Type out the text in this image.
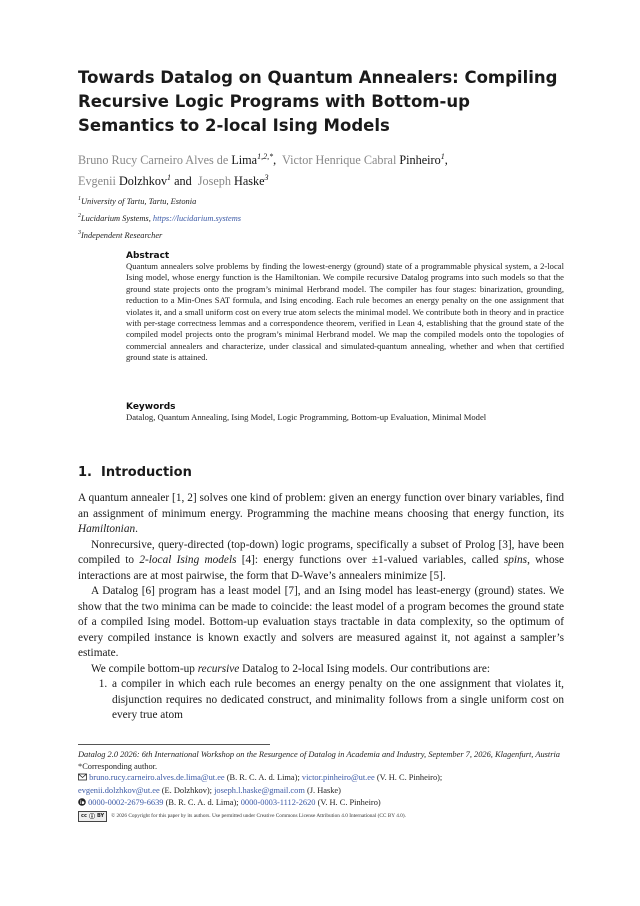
Towards Datalog on Quantum Annealers: Compiling Recursive Logic Programs with Bottom-up Semantics to 2-local Ising Models
Bruno Rucy Carneiro Alves de Lima$^{1,2,*}$, Victor Henrique Cabral Pinheiro$^1$,
Evgenii Dolzhkov$^1$ and Joseph Haske$^3$
$^1$University of Tartu, Tartu, Estonia
$^2$Lucidarium Systems, https://lucidarium.systems
$^3$Independent Researcher
Abstract
Quantum annealers solve problems by finding the lowest-energy (ground) state of a programmable physical system, a 2-local Ising model, whose energy function is the Hamiltonian. We compile recursive Datalog programs into such models so that the ground state projects onto the program’s minimal Herbrand model. The compiler has four stages: binarization, grounding, reduction to a Min-Ones SAT formula, and Ising encoding. Each rule becomes an energy penalty on the one assignment that violates it, and a small uniform cost on every true atom selects the minimal model. We contribute both in theory and in practice with per-stage correctness lemmas and a correspondence theorem, verified in Lean 4, establishing that the ground state of the compiled model projects onto the program’s minimal Herbrand model. We map the compiled models onto the topologies of commercial annealers and characterize, under classical and simulated-quantum annealing, whether and when that certified ground state is attained.
Keywords
Datalog, Quantum Annealing, Ising Model, Logic Programming, Bottom-up Evaluation, Minimal Model
1. Introduction

A quantum annealer [1, 2] solves one kind of problem: given an energy function over binary variables, find an assignment of minimum energy. Programming the machine means choosing that energy function, its Hamiltonian.

Nonrecursive, query-directed (top-down) logic programs, specifically a subset of Prolog [3], have been compiled to 2-local Ising models [4]: energy functions over ±1-valued variables, called spins, whose interactions are at most pairwise, the form that D-Wave’s annealers minimize [5].

A Datalog [6] program has a least model [7], and an Ising model has least-energy (ground) states. We show that the two minima can be made to coincide: the least model of a program becomes the ground state of a compiled Ising model. Bottom-up evaluation stays tractable in data complexity, so the optimum of every compiled instance is known exactly and solvers are measured against it, not against a sampler’s estimate.

We compile bottom-up recursive Datalog to 2-local Ising models. Our contributions are:

1. a compiler in which each rule becomes an energy penalty on the one assignment that violates it, disjunction requires no dedicated construct, and minimality follows from a single uniform cost on every true atom
Datalog 2.0 2026: 6th International Workshop on the Resurgence of Datalog in Academia and Industry, September 7, 2026, Klagenfurt, Austria
*Corresponding author.
bruno.rucy.carneiro.alves.de.lima@ut.ee (B. R. C. A. d. Lima); victor.pinheiro@ut.ee (V. H. C. Pinheiro);
evgenii.dolzhkov@ut.ee (E. Dolzhkov); joseph.l.haske@gmail.com (J. Haske)
0000-0002-2679-6639 (B. R. C. A. d. Lima); 0000-0003-1112-2620 (V. H. C. Pinheiro)
cc BY © 2026 Copyright for this paper by its authors. Use permitted under Creative Commons License Attribution 4.0 International (CC BY 4.0).
